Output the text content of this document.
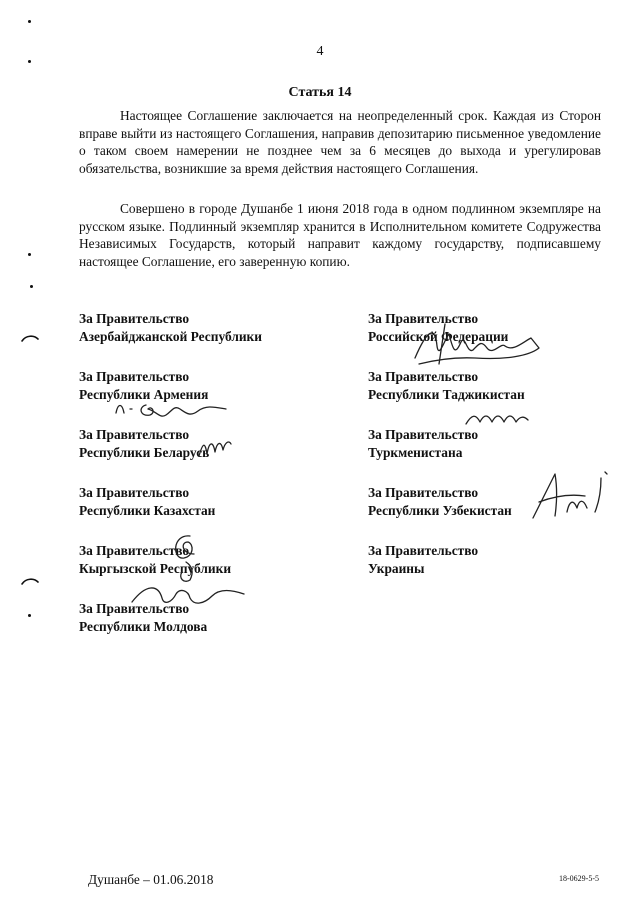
4
Статья 14

Настоящее Соглашение заключается на неопределенный срок. Каждая из Сторон вправе выйти из настоящего Соглашения, направив депозитарию письменное уведомление о таком своем намерении не позднее чем за 6 месяцев до выхода и урегулировав обязательства, возникшие за время действия настоящего Соглашения.

Совершено в городе Душанбе 1 июня 2018 года в одном подлинном экземпляре на русском языке. Подлинный экземпляр хранится в Исполнительном комитете Содружества Независимых Государств, который направит каждому государству, подписавшему настоящее Соглашение, его заверенную копию.

За Правительство
Азербайджанской Республики
За Правительство
Республики Армения
За Правительство
Республики Беларусь
За Правительство
Республики Казахстан
За Правительство
Кыргызской Республики
За Правительство
Республики Молдова
За Правительство
Российской Федерации
За Правительство
Республики Таджикистан
За Правительство
Туркменистана
За Правительство
Республики Узбекистан
За Правительство
Украины
Душанбе – 01.06.2018	18-0629-5-5
